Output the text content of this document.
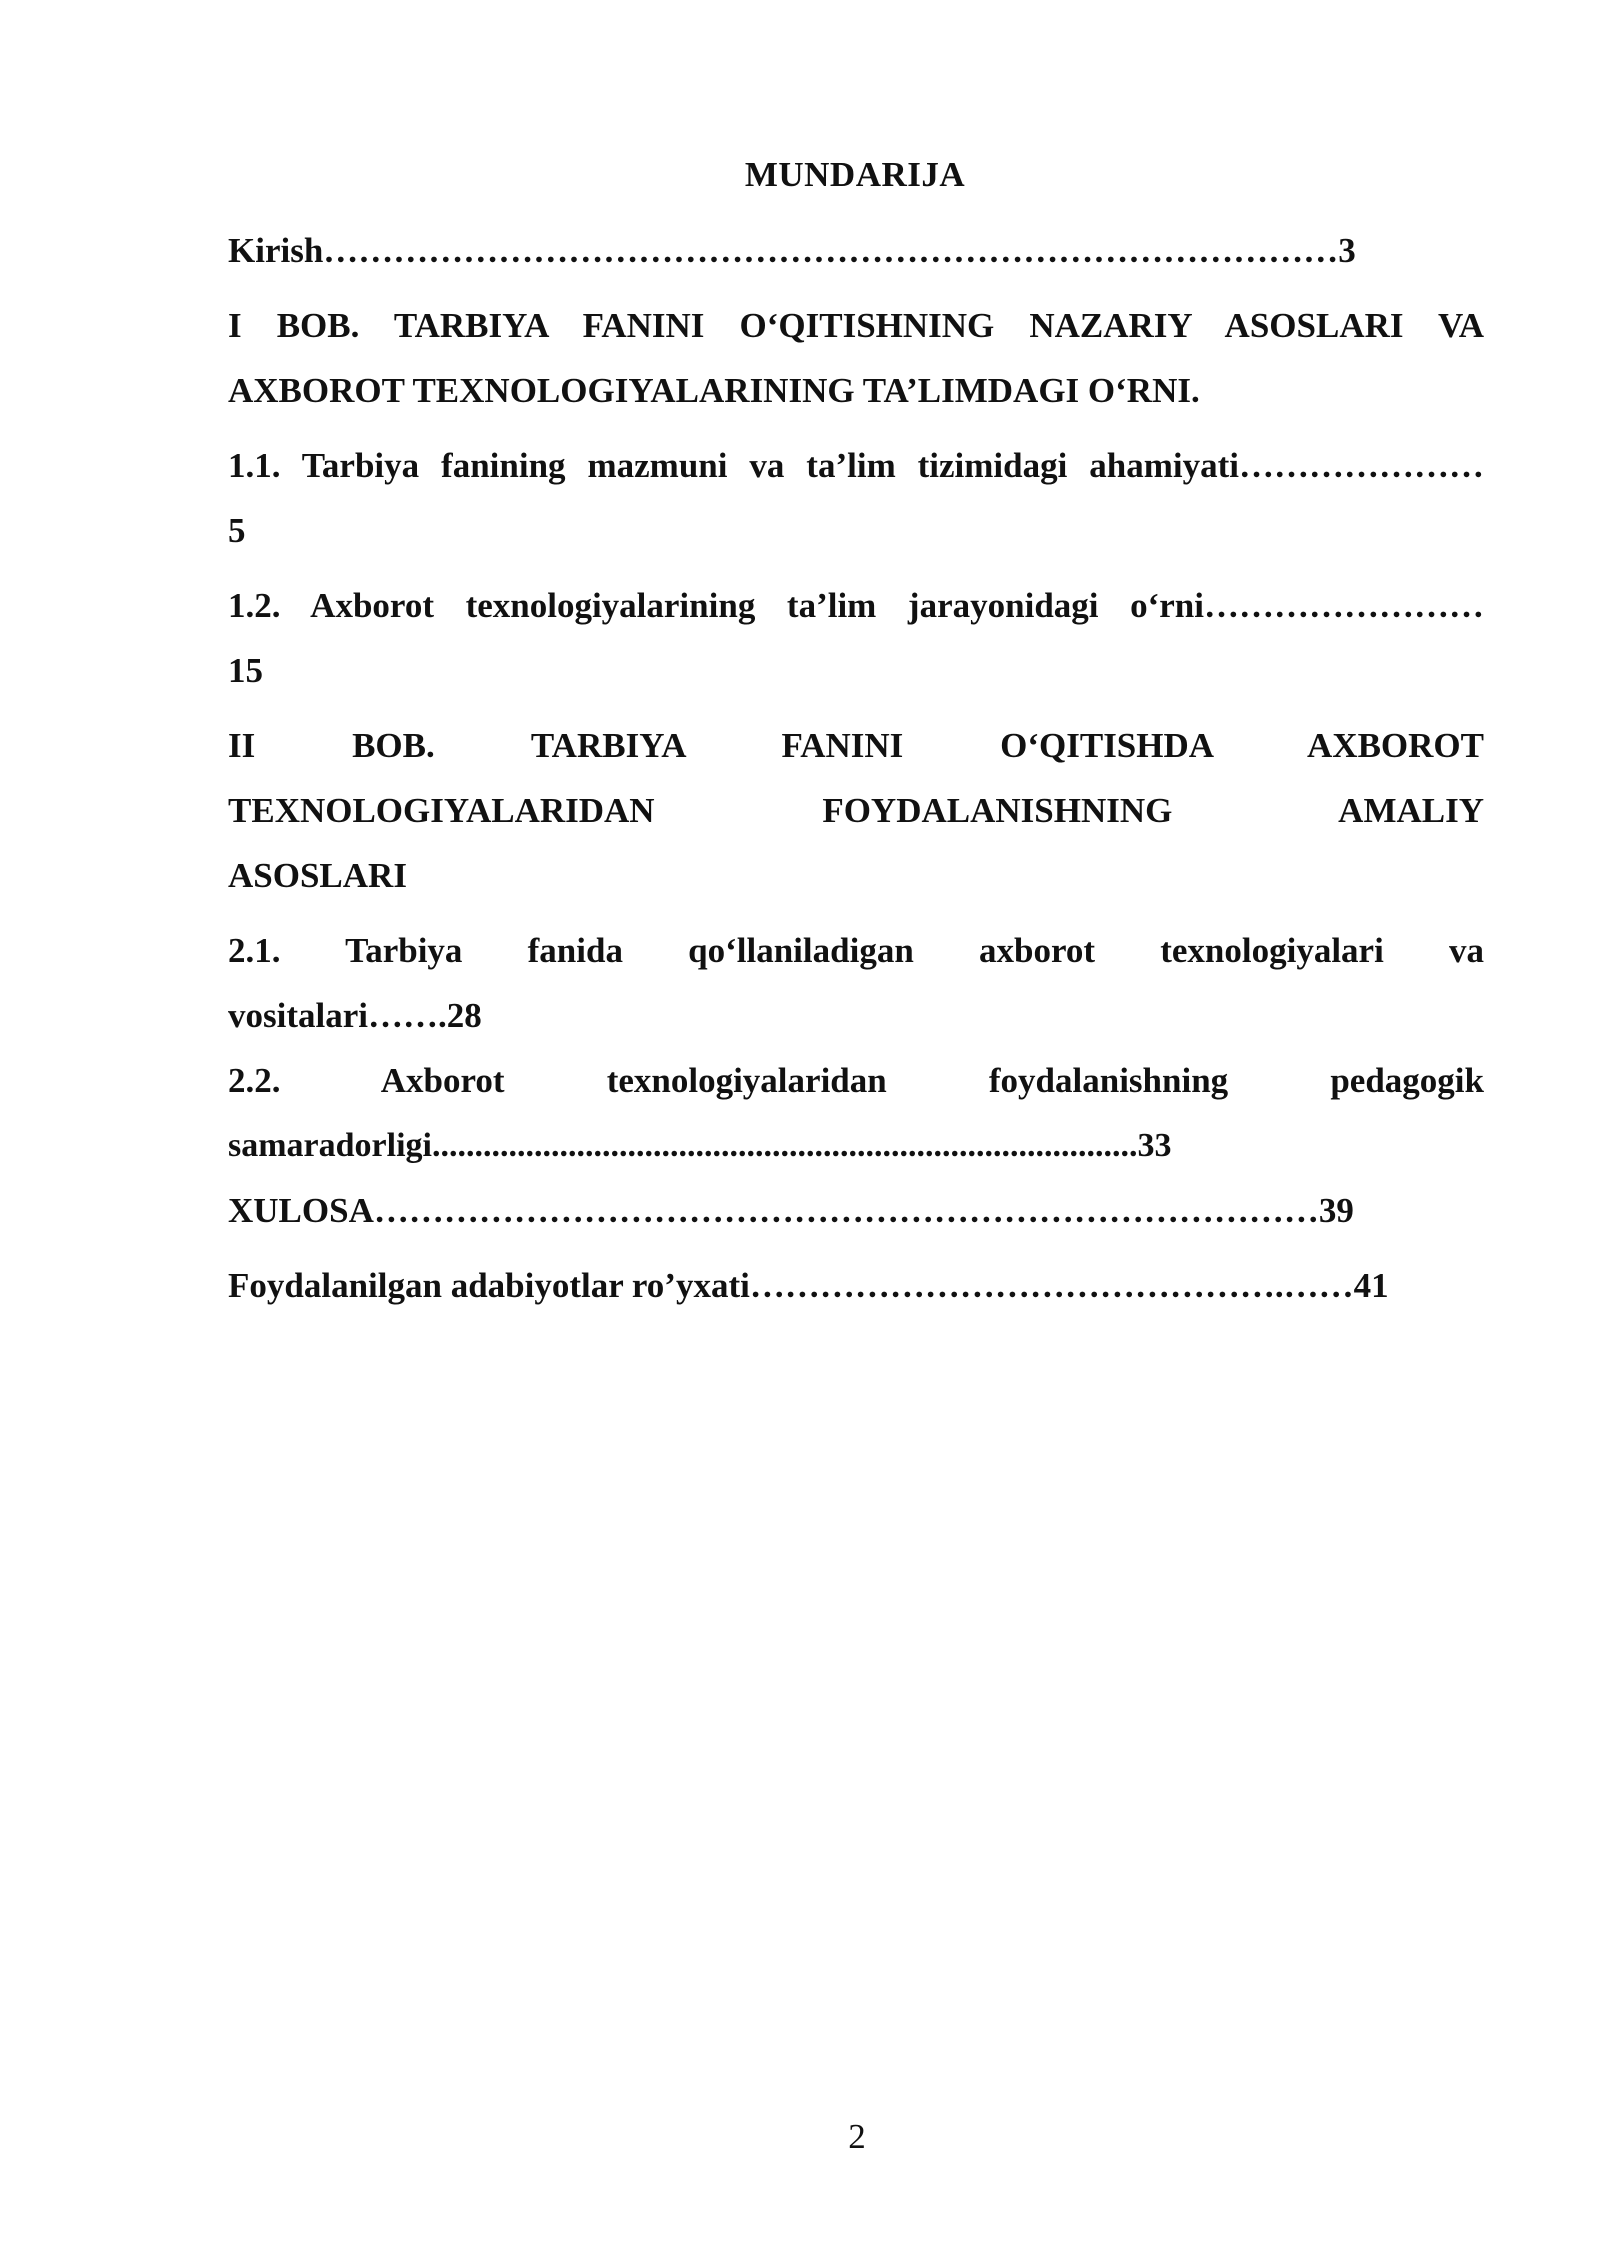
MUNDARIJA
Kirish……………………………………………………………………………3
I BOB. TARBIYA FANINI O‘QITISHNING NAZARIY ASOSLARI VA
AXBOROT TEXNOLOGIYALARINING TA’LIMDAGI O‘RNI.
1.1. Tarbiya fanining mazmuni va ta’lim tizimidagi ahamiyati…………………
5
1.2. Axborot texnologiyalarining ta’lim jarayonidagi o‘rni……………………
15
II BOB. TARBIYA FANINI O‘QITISHDA AXBOROT
TEXNOLOGIYALARIDAN FOYDALANISHNING AMALIY
ASOSLARI
2.1. Tarbiya fanida qo‘llaniladigan axborot texnologiyalari va
vositalari…….28
2.2. Axborot texnologiyalaridan foydalanishning pedagogik
samaradorligi...................................................................................33
XULOSA………………………………………………………………………39
Foydalanilgan adabiyotlar ro’yxati……………………………………….……41
2
